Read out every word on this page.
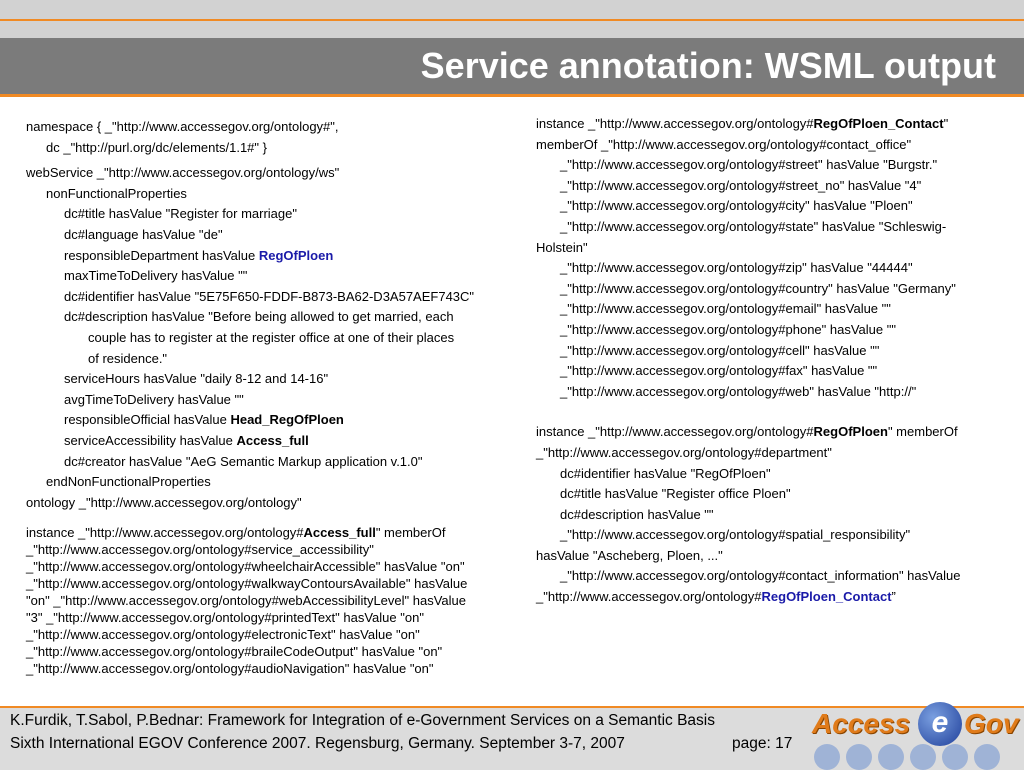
Service annotation: WSML output
namespace { _"http://www.accessegov.org/ontology#",
dc _"http://purl.org/dc/elements/1.1#" }
webService _"http://www.accessegov.org/ontology/ws"
nonFunctionalProperties
dc#title hasValue "Register for marriage"
dc#language hasValue "de"
responsibleDepartment hasValue RegOfPloen
maxTimeToDelivery hasValue ""
dc#identifier hasValue "5E75F650-FDDF-B873-BA62-D3A57AEF743C"
dc#description hasValue "Before being allowed to get married, each
couple has to register at the register office at one of their places
of residence."
serviceHours hasValue "daily 8-12 and 14-16"
avgTimeToDelivery hasValue ""
responsibleOfficial hasValue Head_RegOfPloen
serviceAccessibility hasValue Access_full
dc#creator hasValue "AeG Semantic Markup application v.1.0"
endNonFunctionalProperties
ontology _"http://www.accessegov.org/ontology"
instance _"http://www.accessegov.org/ontology#Access_full" memberOf
_"http://www.accessegov.org/ontology#service_accessibility"
_"http://www.accessegov.org/ontology#wheelchairAccessible" hasValue "on"
_"http://www.accessegov.org/ontology#walkwayContoursAvailable" hasValue
"on" _"http://www.accessegov.org/ontology#webAccessibilityLevel" hasValue
"3" _"http://www.accessegov.org/ontology#printedText" hasValue "on"
_"http://www.accessegov.org/ontology#electronicText" hasValue "on"
_"http://www.accessegov.org/ontology#braileCodeOutput" hasValue "on"
_"http://www.accessegov.org/ontology#audioNavigation" hasValue "on"
instance _"http://www.accessegov.org/ontology#RegOfPloen_Contact"
memberOf _"http://www.accessegov.org/ontology#contact_office"
_"http://www.accessegov.org/ontology#street" hasValue "Burgstr."
_"http://www.accessegov.org/ontology#street_no" hasValue "4"
_"http://www.accessegov.org/ontology#city" hasValue "Ploen"
_"http://www.accessegov.org/ontology#state" hasValue "Schleswig-
Holstein"
_"http://www.accessegov.org/ontology#zip" hasValue "44444"
_"http://www.accessegov.org/ontology#country" hasValue "Germany"
_"http://www.accessegov.org/ontology#email" hasValue ""
_"http://www.accessegov.org/ontology#phone" hasValue ""
_"http://www.accessegov.org/ontology#cell" hasValue ""
_"http://www.accessegov.org/ontology#fax" hasValue ""
_"http://www.accessegov.org/ontology#web" hasValue "http://"
instance _"http://www.accessegov.org/ontology#RegOfPloen" memberOf
_"http://www.accessegov.org/ontology#department"
dc#identifier hasValue "RegOfPloen"
dc#title hasValue "Register office Ploen"
dc#description hasValue ""
_"http://www.accessegov.org/ontology#spatial_responsibility"
hasValue "Ascheberg, Ploen, ..."
_"http://www.accessegov.org/ontology#contact_information" hasValue
_"http://www.accessegov.org/ontology#RegOfPloen_Contact”
K.Furdik, T.Sabol, P.Bednar: Framework for Integration of e-Government Services on a Semantic Basis
Sixth International EGOV Conference 2007. Regensburg, Germany. September 3-7, 2007	page: 17
Access e Gov
